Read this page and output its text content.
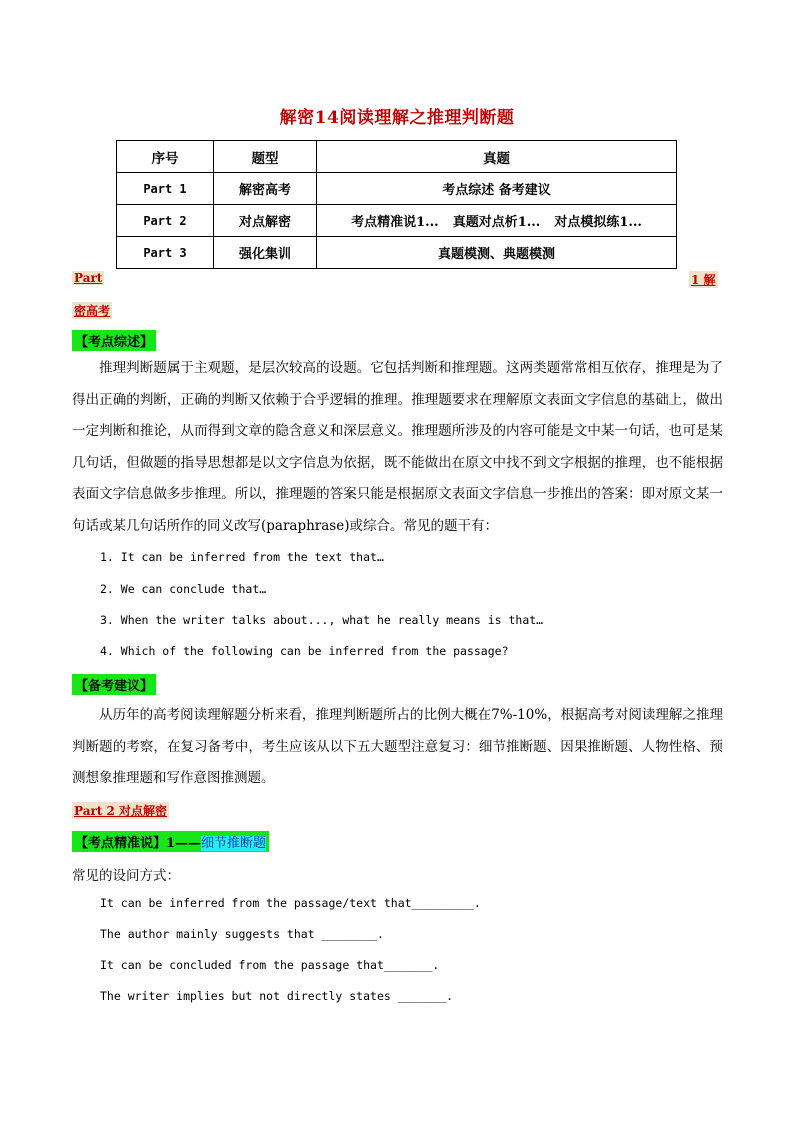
解密14阅读理解之推理判断题
序号	题型	真题
Part 1	解密高考	考点综述 备考建议
Part 2	对点解密	考点精准说1... 真题对点析1... 对点模拟练1...
Part 3	强化集训	真题模测、典题模测
Part	1 解
密高考
【考点综述】
推理判断题属于主观题，是层次较高的设题。它包括判断和推理题。这两类题常常相互依存，推理是为了得出正确的判断，正确的判断又依赖于合乎逻辑的推理。推理题要求在理解原文表面文字信息的基础上，做出一定判断和推论，从而得到文章的隐含意义和深层意义。推理题所涉及的内容可能是文中某一句话，也可是某几句话，但做题的指导思想都是以文字信息为依据，既不能做出在原文中找不到文字根据的推理，也不能根据表面文字信息做多步推理。所以，推理题的答案只能是根据原文表面文字信息一步推出的答案：即对原文某一句话或某几句话所作的同义改写(paraphrase)或综合。常见的题干有：
1. It can be inferred from the text that…
2. We can conclude that…
3. When the writer talks about..., what he really means is that…
4. Which of the following can be inferred from the passage?
【备考建议】
从历年的高考阅读理解题分析来看，推理判断题所占的比例大概在7%-10%，根据高考对阅读理解之推理判断题的考察，在复习备考中，考生应该从以下五大题型注意复习：细节推断题、因果推断题、人物性格、预测想象推理题和写作意图推测题。
Part 2 对点解密
【考点精准说】1——细节推断题
常见的设问方式：
It can be inferred from the passage/text that_________.
The author mainly suggests that ________.
It can be concluded from the passage that_______.
The writer implies but not directly states _______.
